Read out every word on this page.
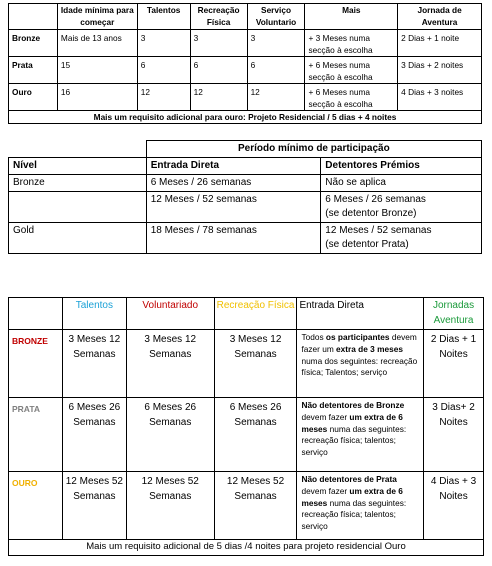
	Idade mínima para começar	Talentos	Recreação Física	Serviço Voluntario	Mais	Jornada de Aventura
Bronze	Mais de 13 anos	3	3	3	+ 3 Meses numa secção à escolha	2 Dias + 1 noite
Prata	15	6	6	6	+ 6 Meses numa secção à escolha	3 Dias + 2 noites
Ouro	16	12	12	12	+ 6 Meses numa secção à escolha	4 Dias + 3 noites
Mais um requisito adicional para ouro: Projeto Residencial / 5 dias + 4 noites						
	Período mínimo de participação	
Nível	Entrada Direta	Detentores Prémios
Bronze	6 Meses / 26 semanas	Não se aplica
	12 Meses / 52 semanas	6 Meses / 26 semanas
(se detentor Bronze)
Gold	18 Meses / 78 semanas	12 Meses / 52 semanas
(se detentor Prata)
	Talentos	Voluntariado	Recreação Física	Entrada Direta	Jornadas Aventura
BRONZE	3 Meses 12 Semanas	3 Meses 12 Semanas	3 Meses 12 Semanas	Todos os participantes devem fazer um extra de 3 meses numa dos seguintes: recreação física; Talentos; serviço	2 Dias + 1 Noites
PRATA	6 Meses 26 Semanas	6 Meses 26 Semanas	6 Meses 26 Semanas	Não detentores de Bronze devem fazer um extra de 6 meses numa das seguintes: recreação física; talentos; serviço	3 Dias+ 2 Noites
OURO	12 Meses 52 Semanas	12 Meses 52 Semanas	12 Meses 52 Semanas	Não detentores de Prata devem fazer um extra de 6 meses numa das seguintes: recreação física; talentos; serviço	4 Dias + 3 Noites
Mais um requisito adicional de 5 dias /4 noites para projeto residencial Ouro					
